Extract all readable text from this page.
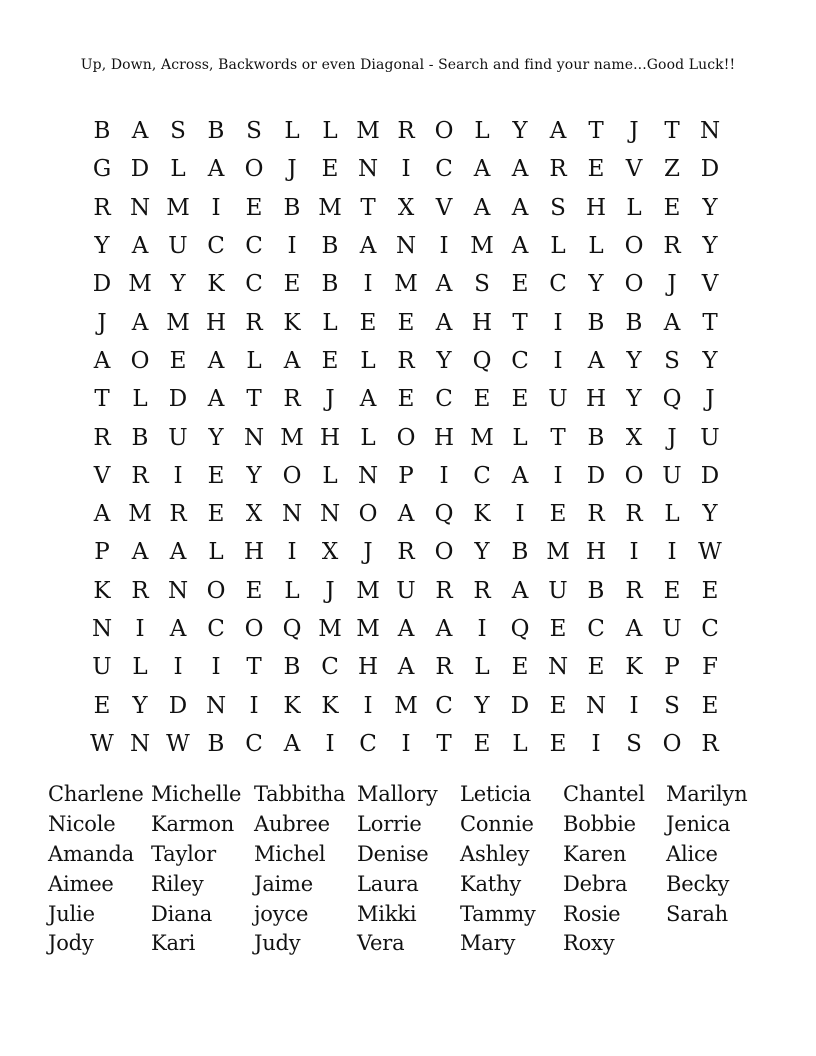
Up, Down, Across, Backwords or even Diagonal - Search and find your name...Good Luck!!
B A S B S L L M R O L Y A T	J	T N
G D L A O	J	E N	I	C A A R E V Z D
R N M I	E B M T X V A A S H L E Y
Y A U C C	I	B A N	I M A L L O R Y
D M Y K C E B	I M A S E C Y O	J	V
J	A M H R K L E E A H T	I	B B A T
A O E A L A E L R Y Q C	I	A Y S Y
T L D A T R	J	A E C E E U H Y Q	J
R B U Y N M H L O H M L T B X	J	U
V R	I	E Y O L N P	I	C A	I	D O U D
A M R E X N N O A Q K	I	E R R L Y
P A A L H	I	X	J	R O Y B M H	I	I W
K R N O E L	J M U R R A U B R E E
N	I	A C O Q M M A A	I	Q E C A U C
U L	I	I	T B C H A R L E N E K P F
E Y D N	I	K K	I M C Y D E N	I	S E
W N W B C A	I	C	I	T E L E	I	S O R
Charlene Michelle Tabbitha Mallory	Leticia	Chantel	Marilyn
Nicole	Karmon Aubree	Lorrie	Connie	Bobbie	Jenica
Amanda Taylor	Michel	Denise	Ashley	Karen	Alice
Aimee	Riley	Jaime	Laura	Kathy	Debra	Becky
Julie	Diana	joyce	Mikki	Tammy	Rosie	Sarah
Jody	Kari	Judy	Vera	Mary	Roxy
